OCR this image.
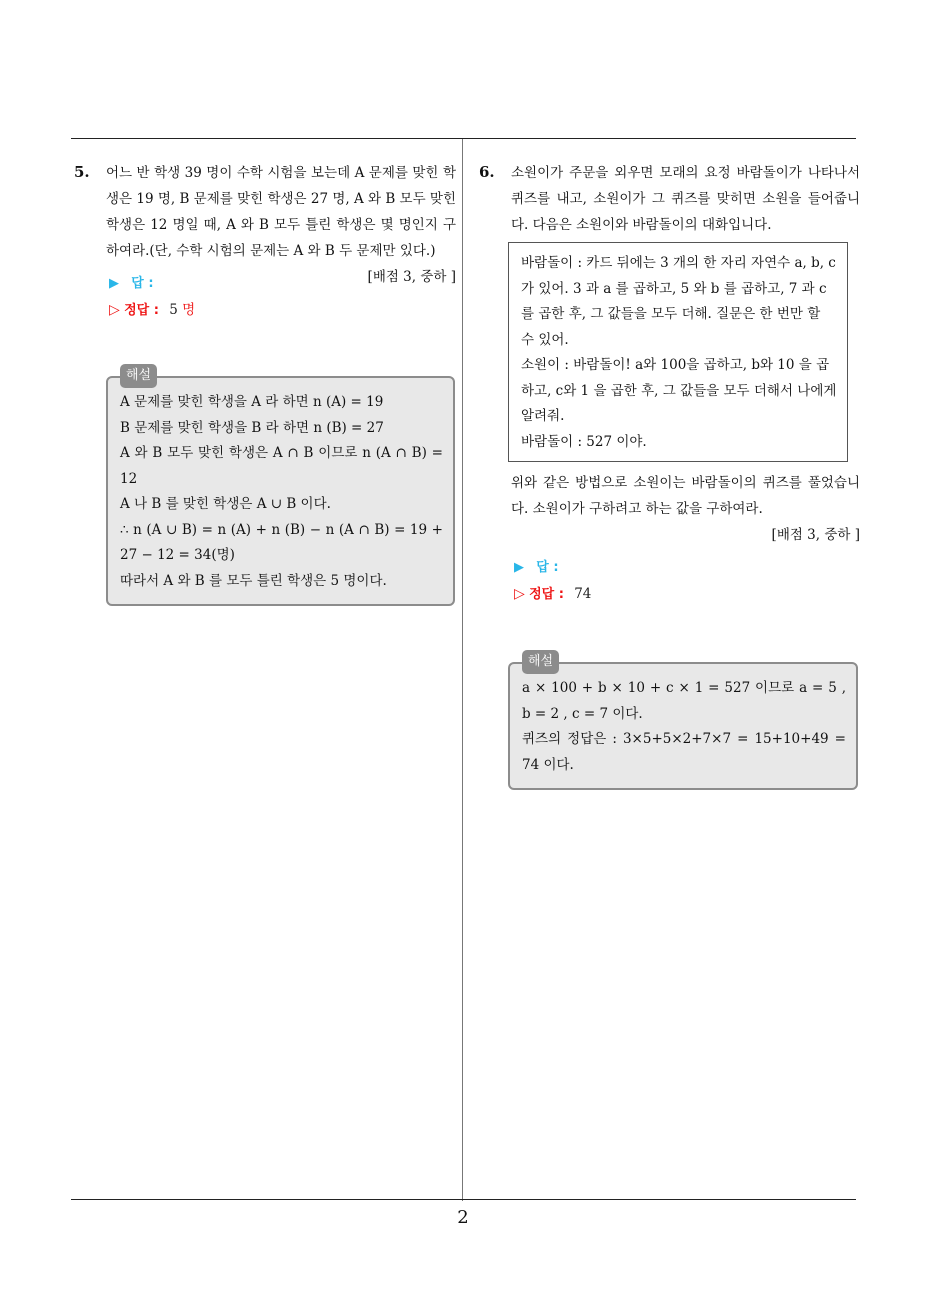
2
5. 어느 반 학생 39 명이 수학 시험을 보는데 A 문제를 맞힌 학생은 19 명, B 문제를 맞힌 학생은 27 명, A 와 B 모두 맞힌 학생은 12 명일 때, A 와 B 모두 틀린 학생은 몇 명인지 구하여라.(단, 수학 시험의 문제는 A 와 B 두 문제만 있다.)
[배점 3, 중하 ]
▶ 답 :
▷ 정답 : 5 명
해설
A 문제를 맞힌 학생을 A 라 하면 n (A) = 19
B 문제를 맞힌 학생을 B 라 하면 n (B) = 27
A 와 B 모두 맞힌 학생은 A ∩ B 이므로 n (A ∩ B) = 12
A 나 B 를 맞힌 학생은 A ∪ B 이다.
∴ n (A ∪ B) = n (A) + n (B) − n (A ∩ B) = 19 + 27 − 12 = 34(명)
따라서 A 와 B 를 모두 틀린 학생은 5 명이다.
6. 소원이가 주문을 외우면 모래의 요정 바람돌이가 나타나서 퀴즈를 내고, 소원이가 그 퀴즈를 맞히면 소원을 들어줍니다. 다음은 소원이와 바람돌이의 대화입니다.
바람돌이 : 카드 뒤에는 3 개의 한 자리 자연수 a, b, c 가 있어. 3 과 a 를 곱하고, 5 와 b 를 곱하고, 7 과 c 를 곱한 후, 그 값들을 모두 더해. 질문은 한 번만 할 수 있어.
소원이 : 바람돌이! a와 100을 곱하고, b와 10 을 곱하고, c와 1 을 곱한 후, 그 값들을 모두 더해서 나에게 알려줘.
바람돌이 : 527 이야.
위와 같은 방법으로 소원이는 바람돌이의 퀴즈를 풀었습니다. 소원이가 구하려고 하는 값을 구하여라.
[배점 3, 중하 ]
▶ 답 :
▷ 정답 : 74
해설
a × 100 + b × 10 + c × 1 = 527 이므로 a = 5 , b = 2 , c = 7 이다.
퀴즈의 정답은 : 3×5+5×2+7×7 = 15+10+49 = 74 이다.
